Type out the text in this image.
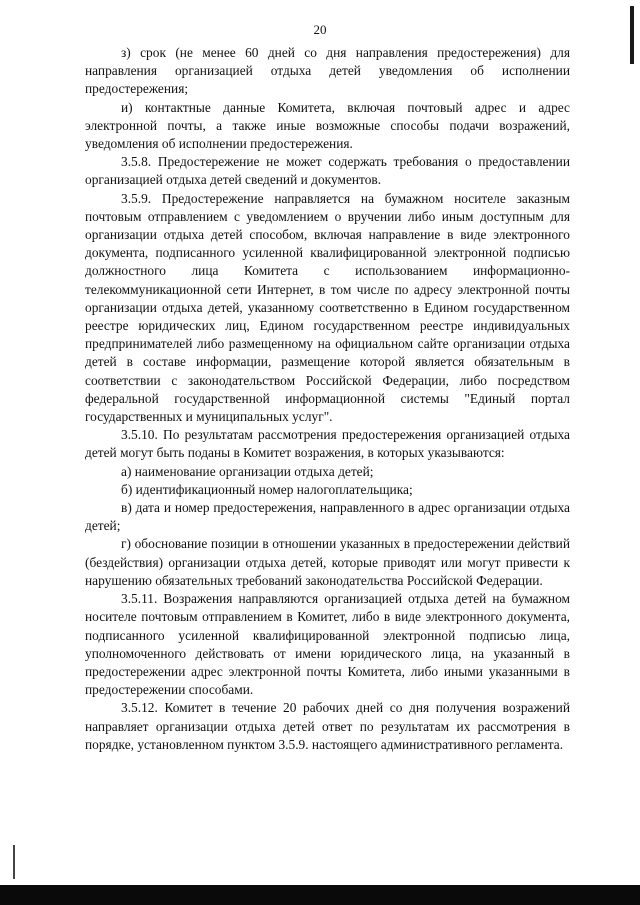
20

з) срок (не менее 60 дней со дня направления предостережения) для направления организацией отдыха детей уведомления об исполнении предостережения;

и) контактные данные Комитета, включая почтовый адрес и адрес электронной почты, а также иные возможные способы подачи возражений, уведомления об исполнении предостережения.

3.5.8. Предостережение не может содержать требования о предоставлении организацией отдыха детей сведений и документов.

3.5.9. Предостережение направляется на бумажном носителе заказным почтовым отправлением с уведомлением о вручении либо иным доступным для организации отдыха детей способом, включая направление в виде электронного документа, подписанного усиленной квалифицированной электронной подписью должностного лица Комитета с использованием информационно-телекоммуникационной сети Интернет, в том числе по адресу электронной почты организации отдыха детей, указанному соответственно в Едином государственном реестре юридических лиц, Едином государственном реестре индивидуальных предпринимателей либо размещенному на официальном сайте организации отдыха детей в составе информации, размещение которой является обязательным в соответствии с законодательством Российской Федерации, либо посредством федеральной государственной информационной системы "Единый портал государственных и муниципальных услуг".

3.5.10. По результатам рассмотрения предостережения организацией отдыха детей могут быть поданы в Комитет возражения, в которых указываются:

а) наименование организации отдыха детей;

б) идентификационный номер налогоплательщика;

в) дата и номер предостережения, направленного в адрес организации отдыха детей;

г) обоснование позиции в отношении указанных в предостережении действий (бездействия) организации отдыха детей, которые приводят или могут привести к нарушению обязательных требований законодательства Российской Федерации.

3.5.11. Возражения направляются организацией отдыха детей на бумажном носителе почтовым отправлением в Комитет, либо в виде электронного документа, подписанного усиленной квалифицированной электронной подписью лица, уполномоченного действовать от имени юридического лица, на указанный в предостережении адрес электронной почты Комитета, либо иными указанными в предостережении способами.

3.5.12. Комитет в течение 20 рабочих дней со дня получения возражений направляет организации отдыха детей ответ по результатам их рассмотрения в порядке, установленном пунктом 3.5.9. настоящего административного регламента.
